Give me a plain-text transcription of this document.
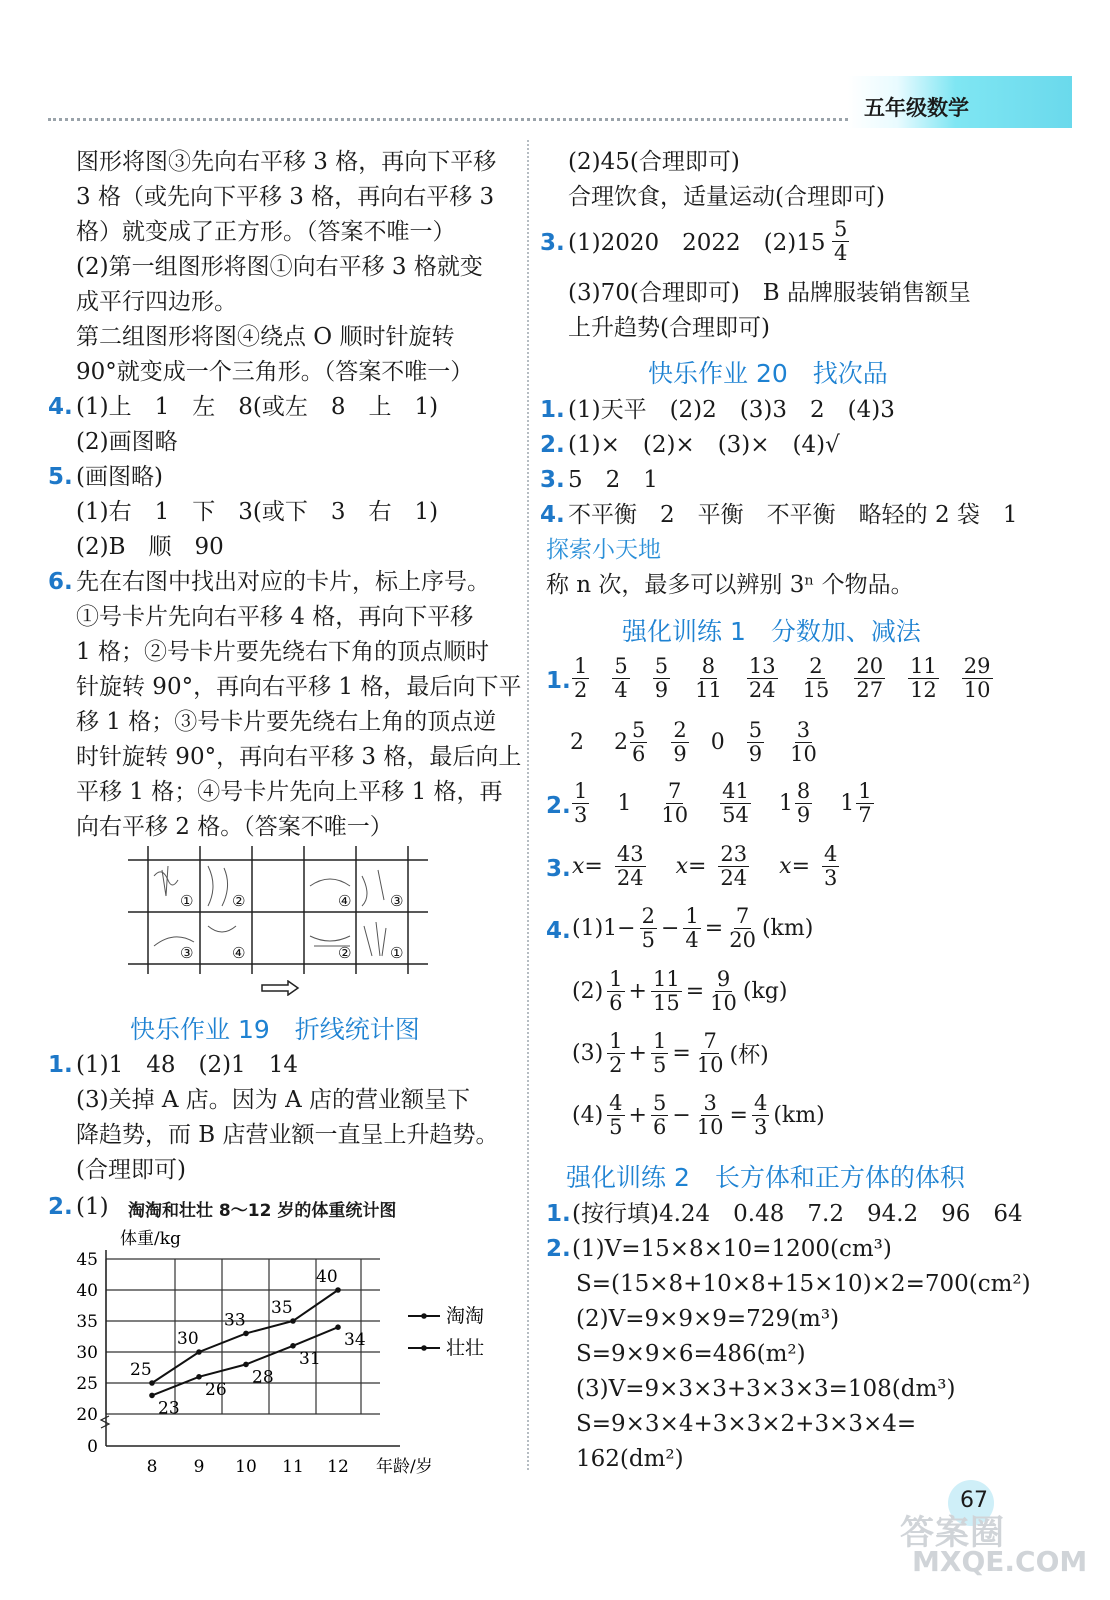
五年级数学
图形将图③先向右平移 3 格，再向下平移
3 格（或先向下平移 3 格，再向右平移 3
格）就变成了正方形。（答案不唯一）
(2)第一组图形将图①向右平移 3 格就变
成平行四边形。
第二组图形将图④绕点 O 顺时针旋转
90°就变成一个三角形。（答案不唯一）
4. (1)上　1　左　8(或左　8　上　1)
(2)画图略
5. (画图略)
(1)右　1　下　3(或下　3　右　1)
(2)B　顺　90
6. 先在右图中找出对应的卡片，标上序号。
①号卡片先向右平移 4 格，再向下平移
1 格；②号卡片要先绕右下角的顶点顺时
针旋转 90°，再向右平移 1 格，最后向下平
移 1 格；③号卡片要先绕右上角的顶点逆
时针旋转 90°，再向右平移 3 格，最后向上
平移 1 格；④号卡片先向上平移 1 格，再
向右平移 2 格。（答案不唯一）
①	②	④	③
③	④	②	①
快乐作业 19　折线统计图
1. (1)1　48　(2)1　14
(3)关掉 A 店。因为 A 店的营业额呈下
降趋势，而 B 店营业额一直呈上升趋势。
(合理即可)
2. (1) 淘淘和壮壮 8～12 岁的体重统计图
体重/kg
年龄/岁
0
20
25
30
35
40
45
8 9 10 11 12
25
30
33
35
40
23
26
28
31
34
淘淘
壮壮
(2)45(合理即可)
合理饮食，适量运动(合理即可)
3. (1)2020　2022　$(2)15 \frac{5}{4}$
(3)70(合理即可)　B 品牌服装销售额呈
上升趋势(合理即可)
快乐作业 20　找次品
1. (1)天平　(2)2　(3)3　2　(4)3
2. (1)×　(2)×　(3)×　(4)√
3. 5　2　1
4. 不平衡　2　平衡　不平衡　略轻的 2 袋　1
探索小天地
称 n 次，最多可以辨别 3ⁿ 个物品。
强化训练 1　分数加、减法
1. $\frac{1}{2} \frac{5}{4} \frac{5}{9} \frac{8}{11} \frac{13}{24} \frac{2}{15} \frac{20}{27} \frac{11}{12} \frac{29}{10}$
2 $2 \frac{5}{6} \frac{2}{9} 0 \frac{5}{9} \frac{3}{10}$
2. $\frac{1}{3} 1 \frac{7}{10} \frac{41}{54} 1 \frac{8}{9} 1 \frac{1}{7}$
3. $x= \frac{43}{24} x= \frac{23}{24} x= \frac{4}{3}$
4. $(1)1- \frac{2}{5} - \frac{1}{4} = \frac{7}{20} (km)$
$(2) \frac{1}{6} + \frac{11}{15} = \frac{9}{10} (kg)$
$(3) \frac{1}{2} + \frac{1}{5} = \frac{7}{10}$ (杯)
$(4) \frac{4}{5} + \frac{5}{6} - \frac{3}{10} = \frac{4}{3} (km)$
强化训练 2　长方体和正方体的体积
1. (按行填)4.24　0.48　7.2　94.2　96　64
2. (1)V=15×8×10=1200(cm³)
S=(15×8+10×8+15×10)×2=700(cm²)
(2)V=9×9×9=729(m³)
S=9×9×6=486(m²)
(3)V=9×3×3+3×3×3=108(dm³)
S=9×3×4+3×3×2+3×3×4=
162(dm²)
67
答案圈
MXQE.COM
